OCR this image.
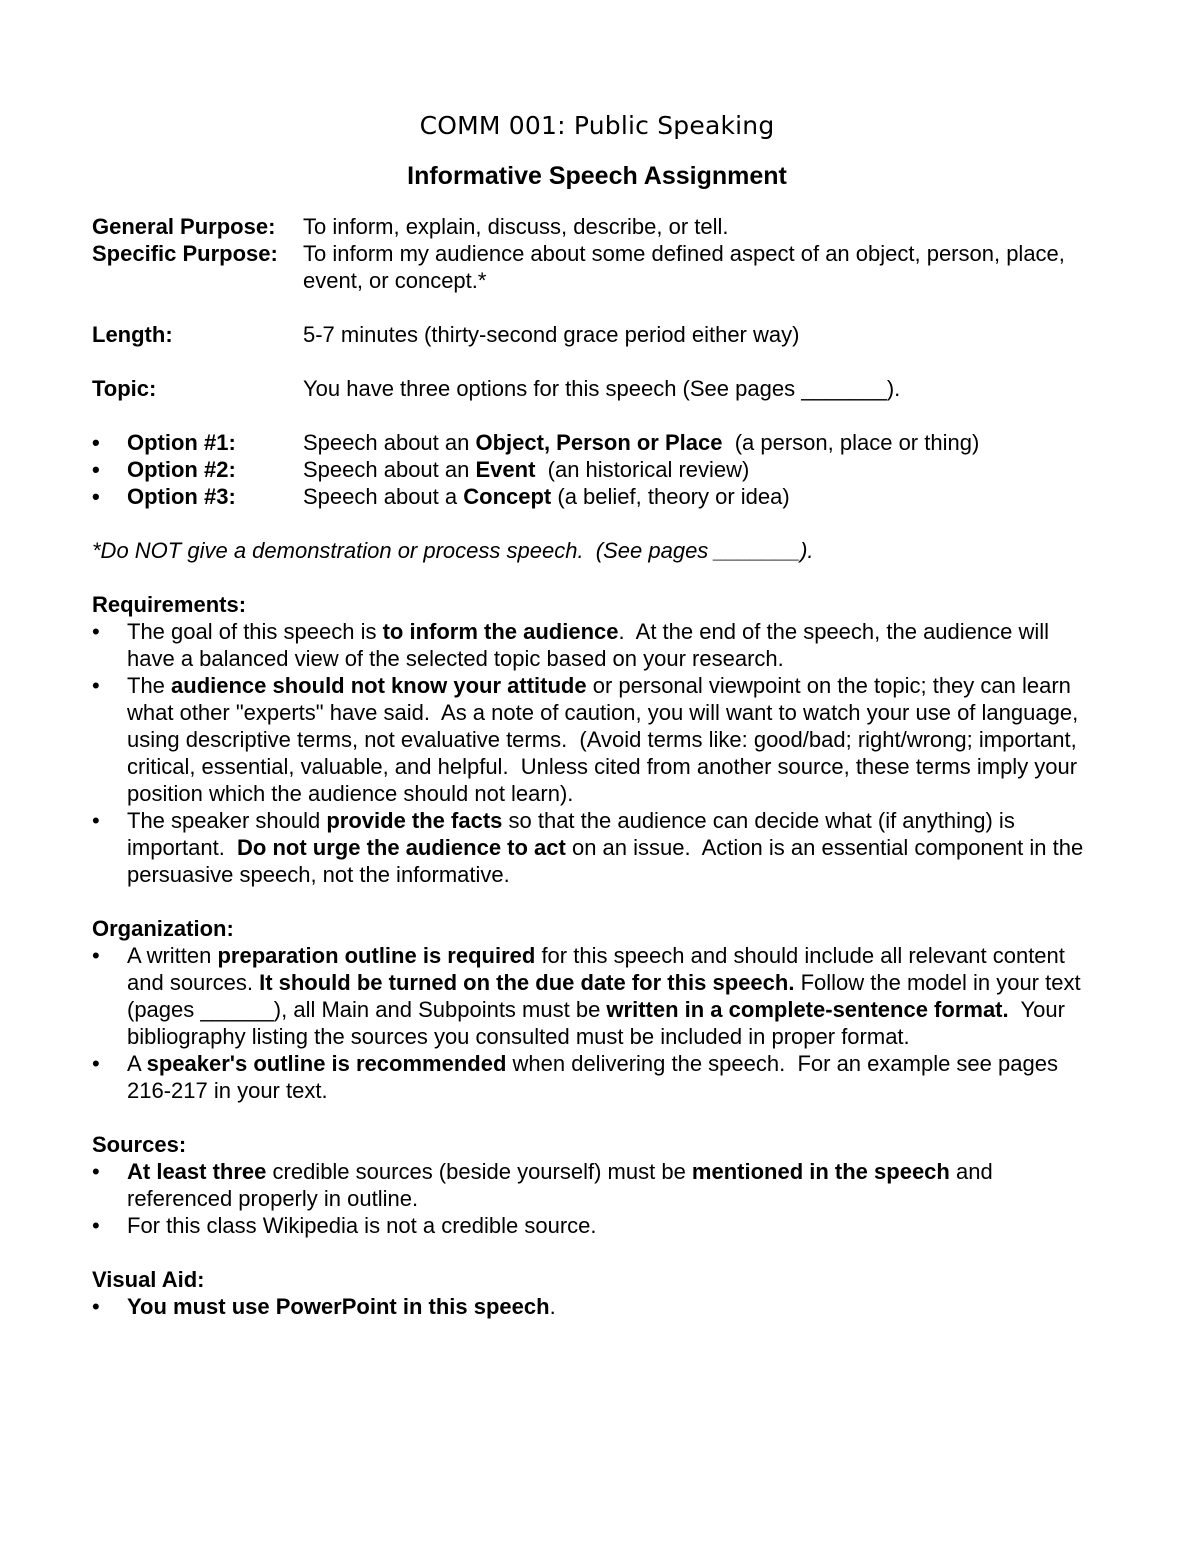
COMM 001: Public Speaking
Informative Speech Assignment
General Purpose:	To inform, explain, discuss, describe, or tell.
Specific Purpose:	To inform my audience about some defined aspect of an object, person, place, event, or concept.*
Length:	5-7 minutes (thirty-second grace period either way)
Topic:	You have three options for this speech (See pages _______).
•	Option #1:	Speech about an Object, Person or Place  (a person, place or thing)
•	Option #2:	Speech about an Event  (an historical review)
•	Option #3:	Speech about a Concept (a belief, theory or idea)
*Do NOT give a demonstration or process speech.  (See pages _______).
Requirements:
•	The goal of this speech is to inform the audience.  At the end of the speech, the audience will have a balanced view of the selected topic based on your research.
•	The audience should not know your attitude or personal viewpoint on the topic; they can learn what other "experts" have said.  As a note of caution, you will want to watch your use of language, using descriptive terms, not evaluative terms.  (Avoid terms like: good/bad; right/wrong; important, critical, essential, valuable, and helpful.  Unless cited from another source, these terms imply your position which the audience should not learn).
•	The speaker should provide the facts so that the audience can decide what (if anything) is important.  Do not urge the audience to act on an issue.  Action is an essential component in the persuasive speech, not the informative.
Organization:
•	A written preparation outline is required for this speech and should include all relevant content and sources. It should be turned on the due date for this speech. Follow the model in your text (pages ______), all Main and Subpoints must be written in a complete-sentence format.  Your bibliography listing the sources you consulted must be included in proper format.
•	A speaker's outline is recommended when delivering the speech.  For an example see pages 216-217 in your text.
Sources:
•	At least three credible sources (beside yourself) must be mentioned in the speech and referenced properly in outline.
•	For this class Wikipedia is not a credible source.
Visual Aid:
•	You must use PowerPoint in this speech.
